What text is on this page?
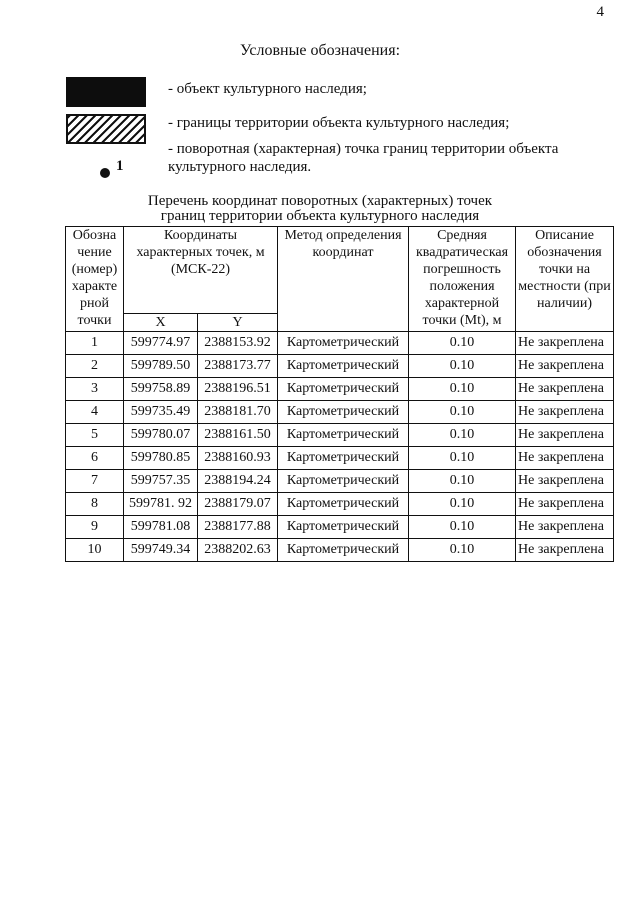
4
Условные обозначения:
- объект культурного наследия;
- границы территории объекта культурного наследия;
1
- поворотная (характерная) точка границ территории объекта культурного наследия.
Перечень координат поворотных (характерных) точек
границ территории объекта культурного наследия
Обозна чение (номер) характе рной точки	Координаты характерных точек, м (МСК-22)		Метод определения координат	Средняя квадратическая погрешность положения характерной точки (Mt), м	Описание обозначения точки на местности (при наличии)
	X	Y			
1	599774.97	2388153.92	Картометрический	0.10	Не закреплена
2	599789.50	2388173.77	Картометрический	0.10	Не закреплена
3	599758.89	2388196.51	Картометрический	0.10	Не закреплена
4	599735.49	2388181.70	Картометрический	0.10	Не закреплена
5	599780.07	2388161.50	Картометрический	0.10	Не закреплена
6	599780.85	2388160.93	Картометрический	0.10	Не закреплена
7	599757.35	2388194.24	Картометрический	0.10	Не закреплена
8	599781. 92	2388179.07	Картометрический	0.10	Не закреплена
9	599781.08	2388177.88	Картометрический	0.10	Не закреплена
10	599749.34	2388202.63	Картометрический	0.10	Не закреплена
